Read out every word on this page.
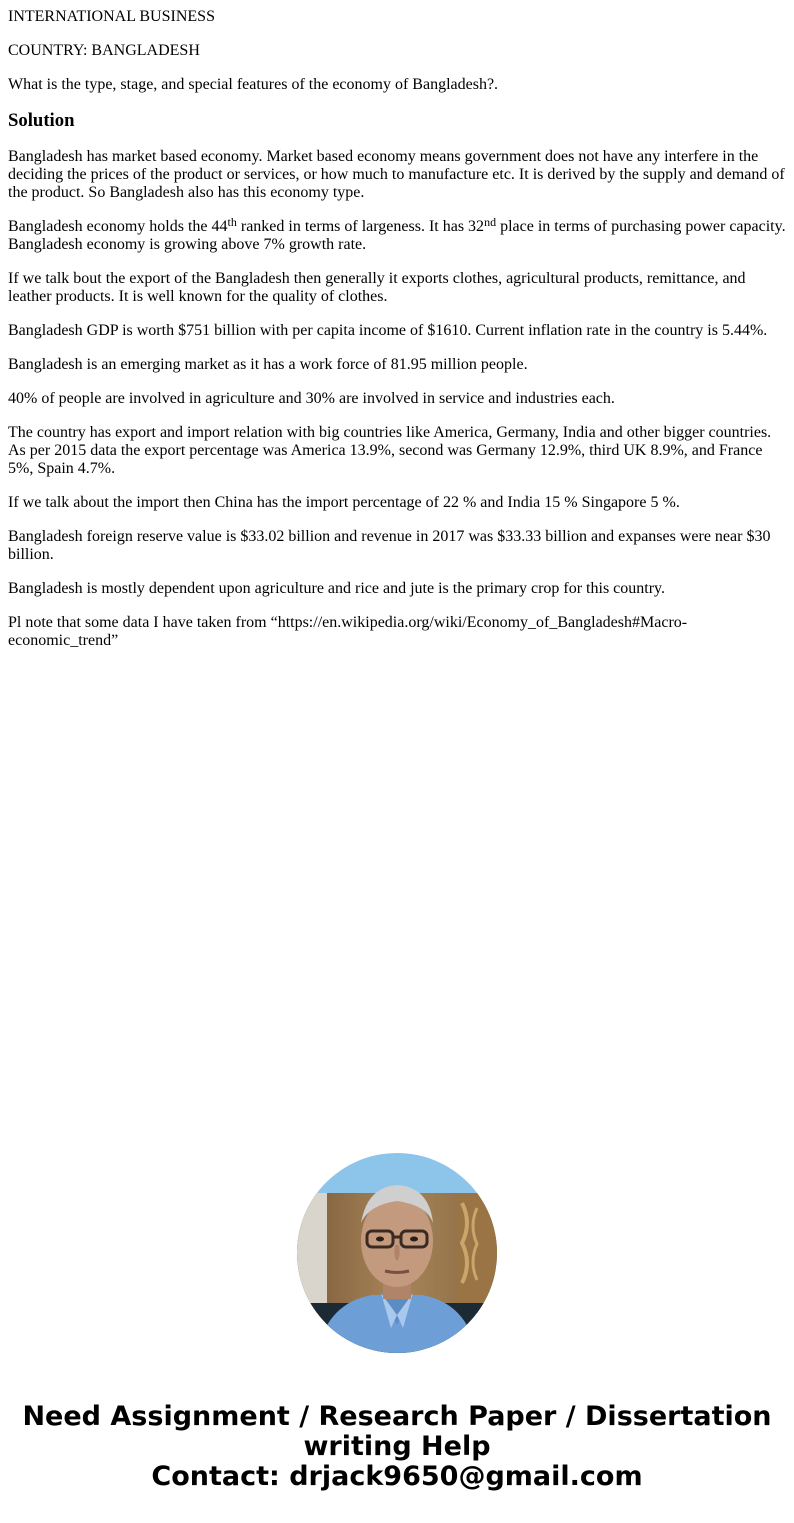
INTERNATIONAL BUSINESS

COUNTRY: BANGLADESH

What is the type, stage, and special features of the economy of Bangladesh?.

Solution

Bangladesh has market based economy. Market based economy means government does not have any interfere in the deciding the prices of the product or services, or how much to manufacture etc. It is derived by the supply and demand of the product. So Bangladesh also has this economy type.

Bangladesh economy holds the 44th ranked in terms of largeness. It has 32nd place in terms of purchasing power capacity. Bangladesh economy is growing above 7% growth rate.

If we talk bout the export of the Bangladesh then generally it exports clothes, agricultural products, remittance, and leather products. It is well known for the quality of clothes.

Bangladesh GDP is worth $751 billion with per capita income of $1610. Current inflation rate in the country is 5.44%.

Bangladesh is an emerging market as it has a work force of 81.95 million people.

40% of people are involved in agriculture and 30% are involved in service and industries each.

The country has export and import relation with big countries like America, Germany, India and other bigger countries. As per 2015 data the export percentage was America 13.9%, second was Germany 12.9%, third UK 8.9%, and France 5%, Spain 4.7%.

If we talk about the import then China has the import percentage of 22 % and India 15 % Singapore 5 %.

Bangladesh foreign reserve value is $33.02 billion and revenue in 2017 was $33.33 billion and expanses were near $30 billion.

Bangladesh is mostly dependent upon agriculture and rice and jute is the primary crop for this country.

Pl note that some data I have taken from “https://en.wikipedia.org/wiki/Economy_of_Bangladesh#Macro-economic_trend”

Need Assignment / Research Paper / Dissertation
writing Help
Contact: drjack9650@gmail.com
